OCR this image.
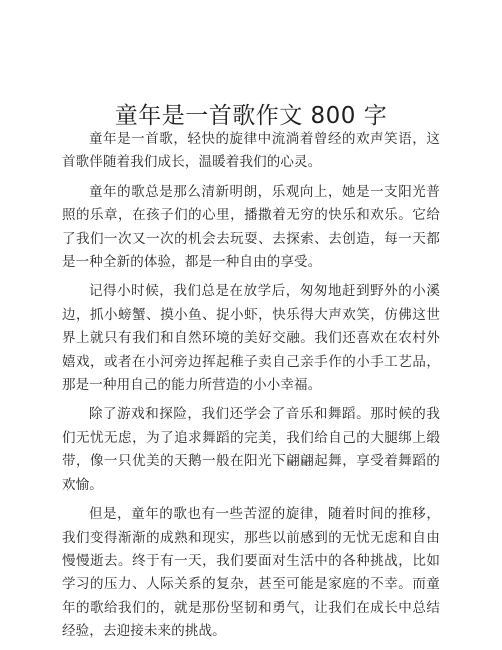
童年是一首歌作文 800 字

童年是一首歌，轻快的旋律中流淌着曾经的欢声笑语，这首歌伴随着我们成长，温暖着我们的心灵。

童年的歌总是那么清新明朗，乐观向上，她是一支阳光普照的乐章，在孩子们的心里，播撒着无穷的快乐和欢乐。它给了我们一次又一次的机会去玩耍、去探索、去创造，每一天都是一种全新的体验，都是一种自由的享受。

记得小时候，我们总是在放学后，匆匆地赶到野外的小溪边，抓小螃蟹、摸小鱼、捉小虾，快乐得大声欢笑，仿佛这世界上就只有我们和自然环境的美好交融。我们还喜欢在农村外嬉戏，或者在小河旁边挥起稚子卖自己亲手作的小手工艺品，那是一种用自己的能力所营造的小小幸福。

除了游戏和探险，我们还学会了音乐和舞蹈。那时候的我们无忧无虑，为了追求舞蹈的完美，我们给自己的大腿绑上缎带，像一只优美的天鹅一般在阳光下翩翩起舞，享受着舞蹈的欢愉。

但是，童年的歌也有一些苦涩的旋律，随着时间的推移，我们变得渐渐的成熟和现实，那些以前感到的无忧无虑和自由慢慢逝去。终于有一天，我们要面对生活中的各种挑战，比如学习的压力、人际关系的复杂，甚至可能是家庭的不幸。而童年的歌给我们的，就是那份坚韧和勇气，让我们在成长中总结经验，去迎接未来的挑战。
